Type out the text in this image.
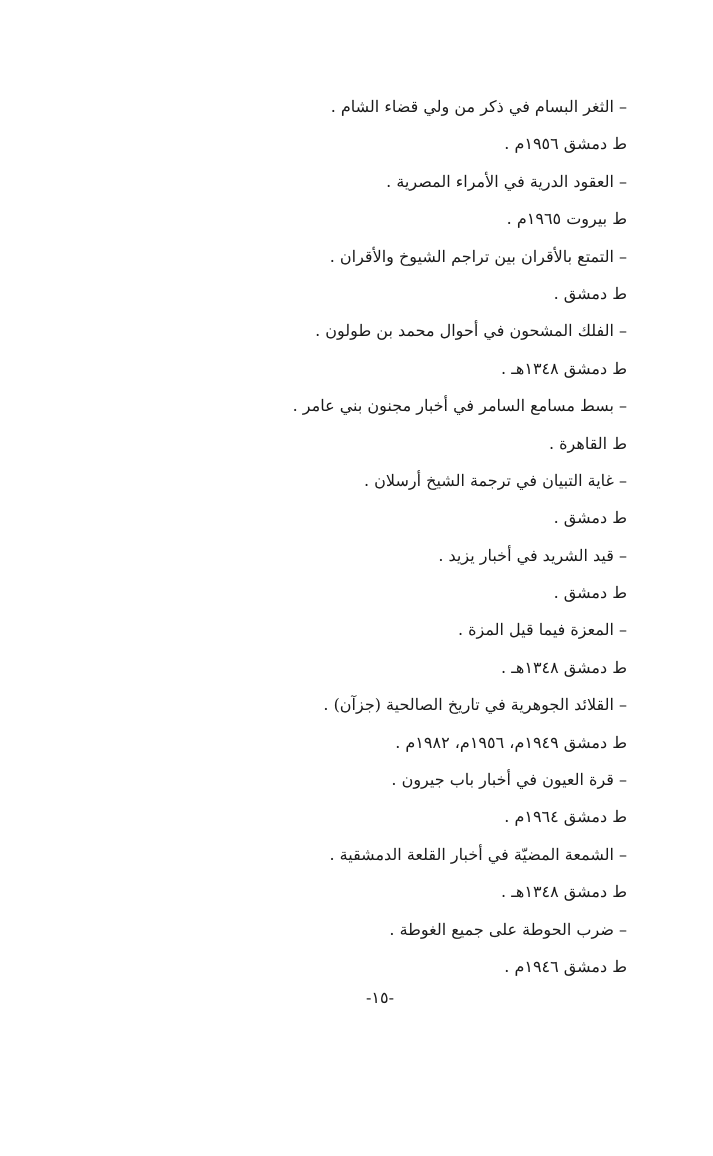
– الثغر البسام في ذكر من ولي قضاء الشام .
ط دمشق ١٩٥٦م .
– العقود الدرية في الأمراء المصرية .
ط بيروت ١٩٦٥م .
– التمتع بالأقران بين تراجم الشيوخ والأقران .
ط دمشق .
– الفلك المشحون في أحوال محمد بن طولون .
ط دمشق ١٣٤٨هـ .
– بسط مسامع السامر في أخبار مجنون بني عامر .
ط القاهرة .
– غاية التبيان في ترجمة الشيخ أرسلان .
ط دمشق .
– قيد الشريد في أخبار يزيد .
ط دمشق .
– المعزة فيما قيل المزة .
ط دمشق ١٣٤٨هـ .
– القلائد الجوهرية في تاريخ الصالحية (جزآن) .
ط دمشق ١٩٤٩م، ١٩٥٦م، ١٩٨٢م .
– قرة العيون في أخبار باب جيرون .
ط دمشق ١٩٦٤م .
– الشمعة المضيّة في أخبار القلعة الدمشقية .
ط دمشق ١٣٤٨هـ .
– ضرب الحوطة على جميع الغوطة .
ط دمشق ١٩٤٦م .
-١٥-
